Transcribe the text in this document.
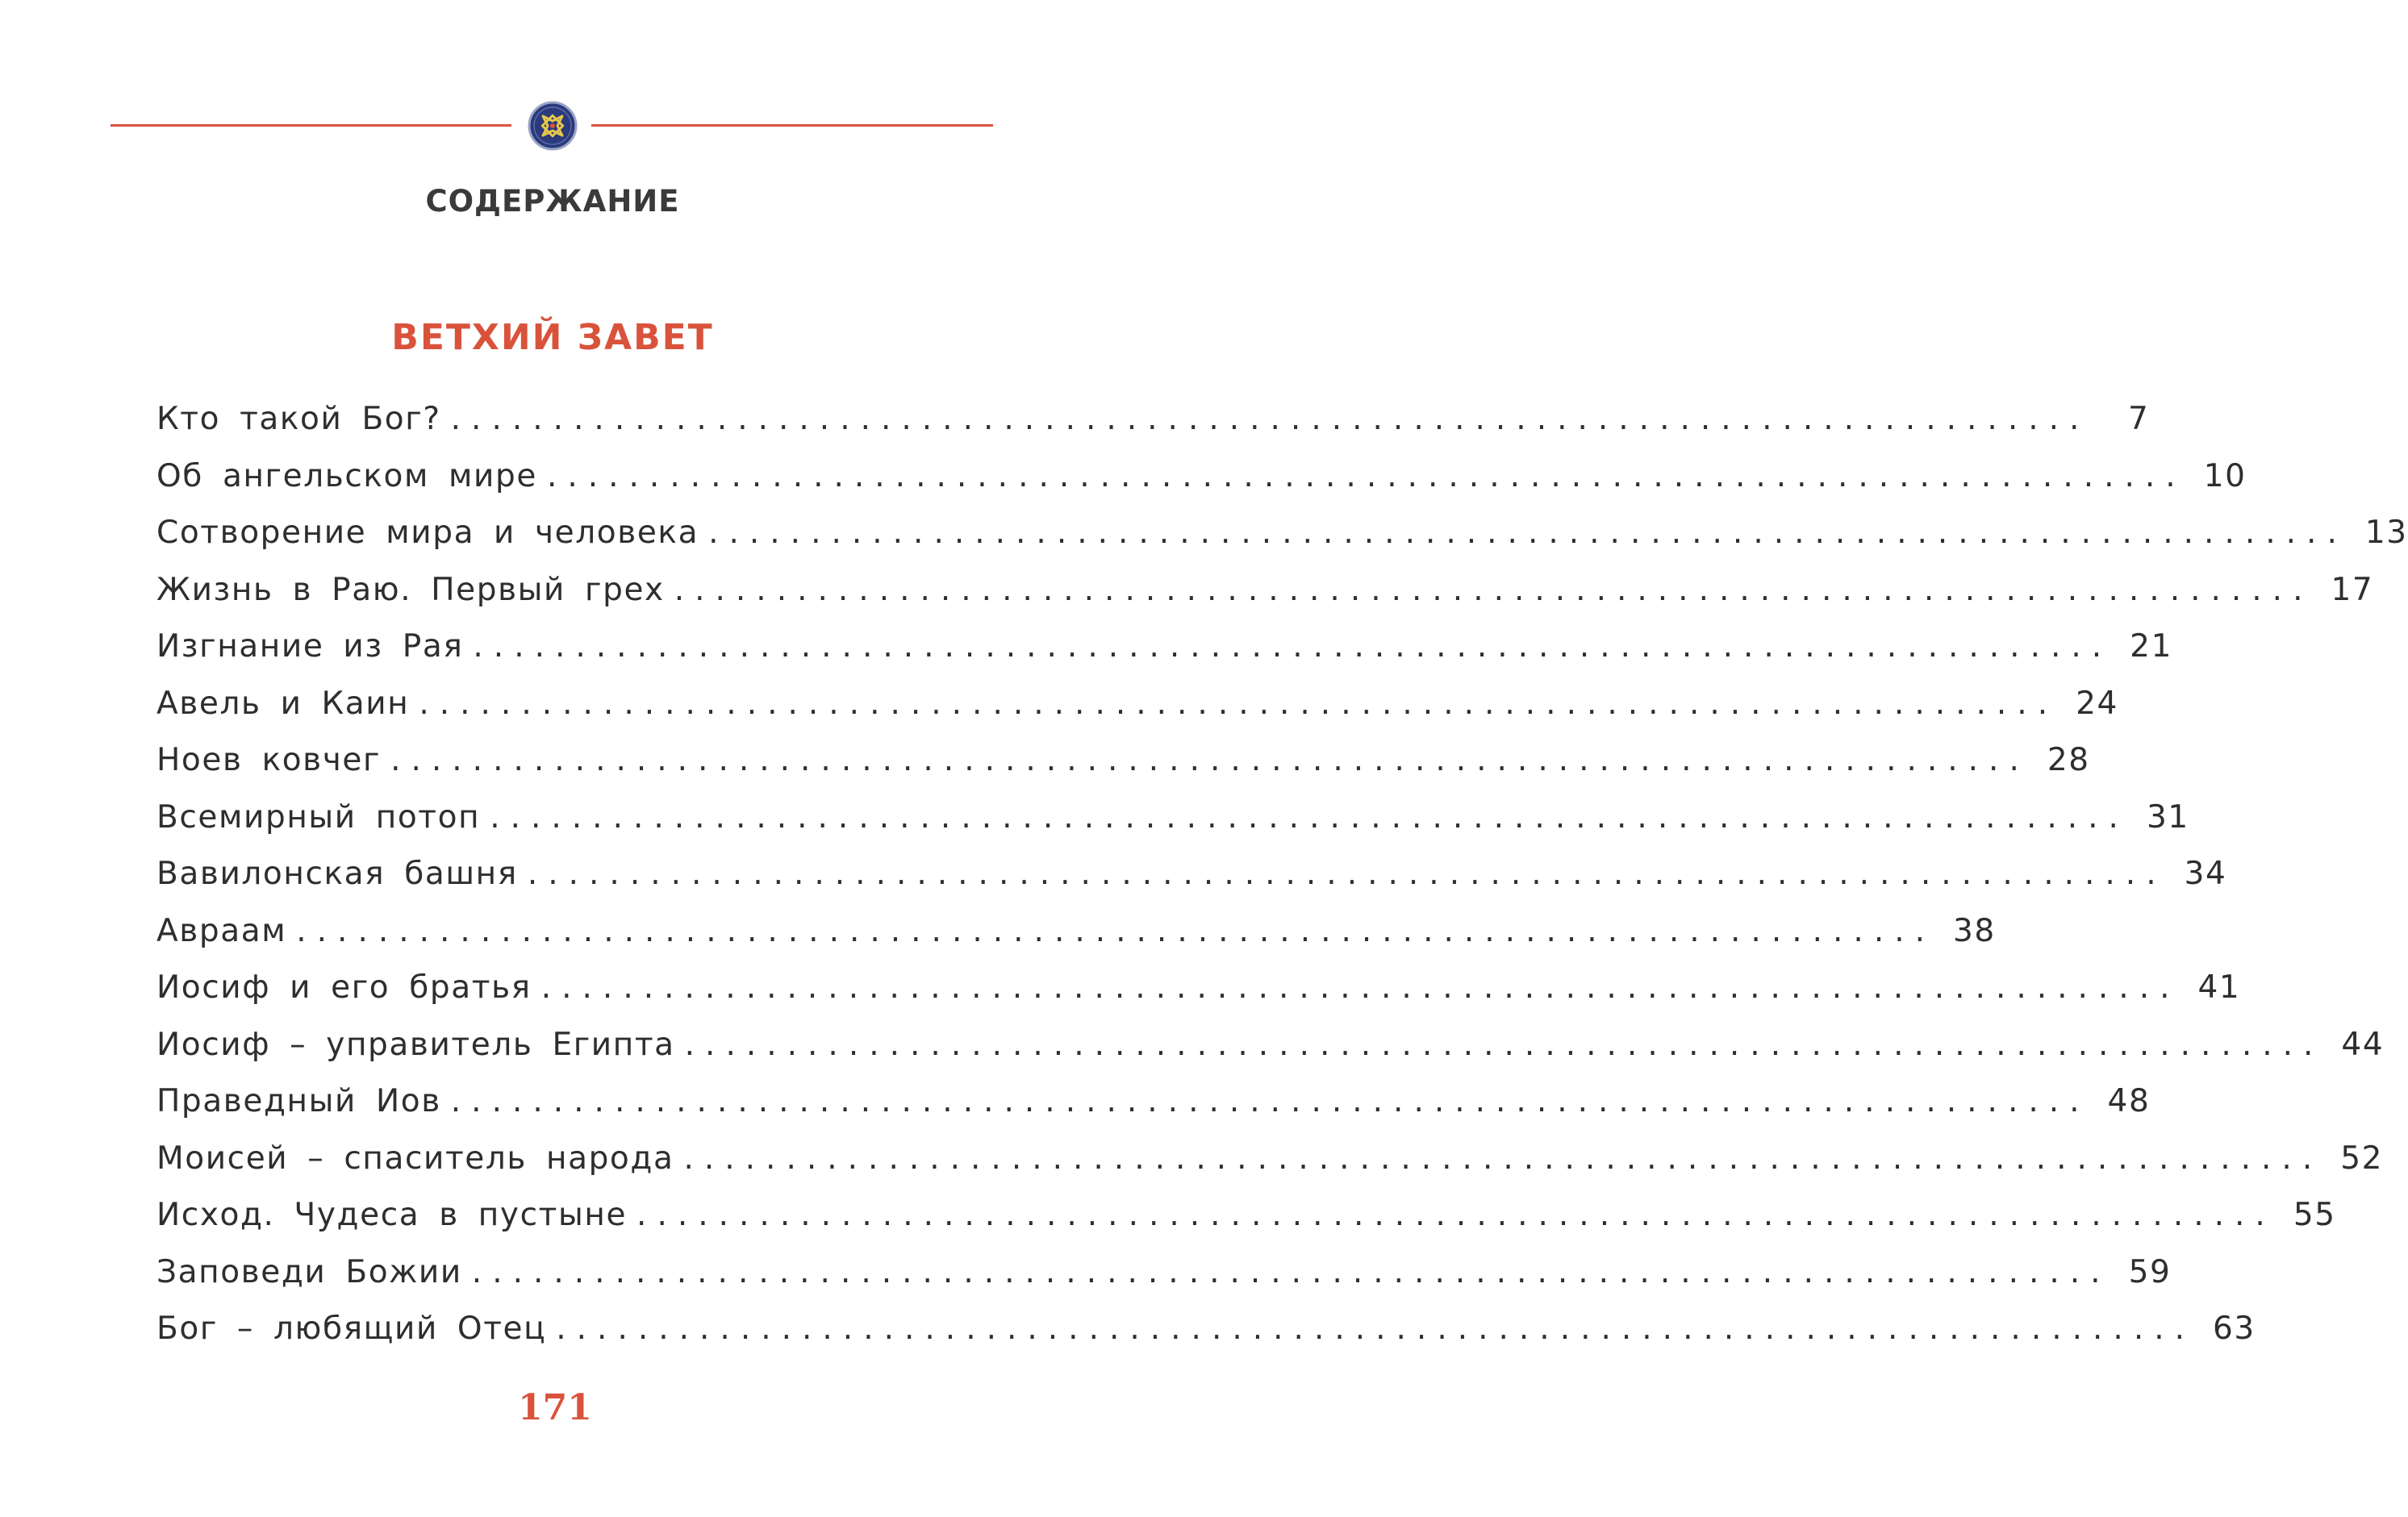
СОДЕРЖАНИЕ
ВЕТХИЙ ЗАВЕТ
Кто такой Бог? ................................................................................	7
Об ангельском мире ................................................................................ 10
Сотворение мира и человека ................................................................................ 13
Жизнь в Раю. Первый грех ................................................................................ 17
Изгнание из Рая ................................................................................ 21
Авель и Каин ................................................................................ 24
Ноев ковчег ................................................................................ 28
Всемирный потоп ................................................................................ 31
Вавилонская башня ................................................................................ 34
Авраам ................................................................................ 38
Иосиф и его братья ................................................................................ 41
Иосиф – управитель Египта ................................................................................ 44
Праведный Иов ................................................................................ 48
Моисей – спаситель народа ................................................................................ 52
Исход. Чудеса в пустыне ................................................................................ 55
Заповеди Божии ................................................................................ 59
Бог – любящий Отец ................................................................................ 63
171
